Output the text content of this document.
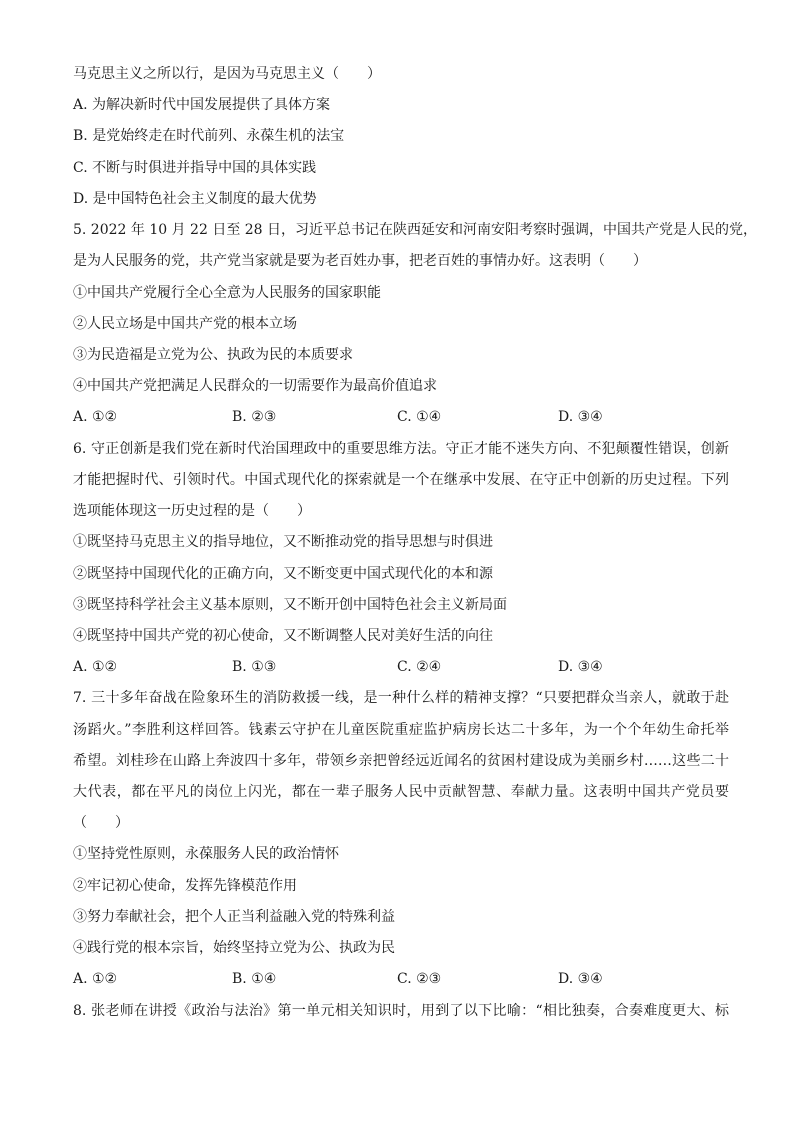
马克思主义之所以行，是因为马克思主义（　　）
A. 为解决新时代中国发展提供了具体方案
B. 是党始终走在时代前列、永葆生机的法宝
C. 不断与时俱进并指导中国的具体实践
D. 是中国特色社会主义制度的最大优势
5. 2022 年 10 月 22 日至 28 日，习近平总书记在陕西延安和河南安阳考察时强调，中国共产党是人民的党，
是为人民服务的党，共产党当家就是要为老百姓办事，把老百姓的事情办好。这表明（　　）
①中国共产党履行全心全意为人民服务的国家职能
②人民立场是中国共产党的根本立场
③为民造福是立党为公、执政为民的本质要求
④中国共产党把满足人民群众的一切需要作为最高价值追求
A. ①②	B. ②③	C. ①④	D. ③④
6. 守正创新是我们党在新时代治国理政中的重要思维方法。守正才能不迷失方向、不犯颠覆性错误，创新
才能把握时代、引领时代。中国式现代化的探索就是一个在继承中发展、在守正中创新的历史过程。下列
选项能体现这一历史过程的是（　　）
①既坚持马克思主义的指导地位，又不断推动党的指导思想与时俱进
②既坚持中国现代化的正确方向，又不断变更中国式现代化的本和源
③既坚持科学社会主义基本原则，又不断开创中国特色社会主义新局面
④既坚持中国共产党的初心使命，又不断调整人民对美好生活的向往
A. ①②	B. ①③	C. ②④	D. ③④
7. 三十多年奋战在险象环生的消防救援一线，是一种什么样的精神支撑？“只要把群众当亲人，就敢于赴
汤蹈火。”李胜利这样回答。钱素云守护在儿童医院重症监护病房长达二十多年，为一个个年幼生命托举
希望。刘桂珍在山路上奔波四十多年，带领乡亲把曾经远近闻名的贫困村建设成为美丽乡村……这些二十
大代表，都在平凡的岗位上闪光，都在一辈子服务人民中贡献智慧、奉献力量。这表明中国共产党员要
（　　）
①坚持党性原则，永葆服务人民的政治情怀
②牢记初心使命，发挥先锋模范作用
③努力奉献社会，把个人正当利益融入党的特殊利益
④践行党的根本宗旨，始终坚持立党为公、执政为民
A. ①②	B. ①④	C. ②③	D. ③④
8. 张老师在讲授《政治与法治》第一单元相关知识时，用到了以下比喻：“相比独奏，合奏难度更大、标
